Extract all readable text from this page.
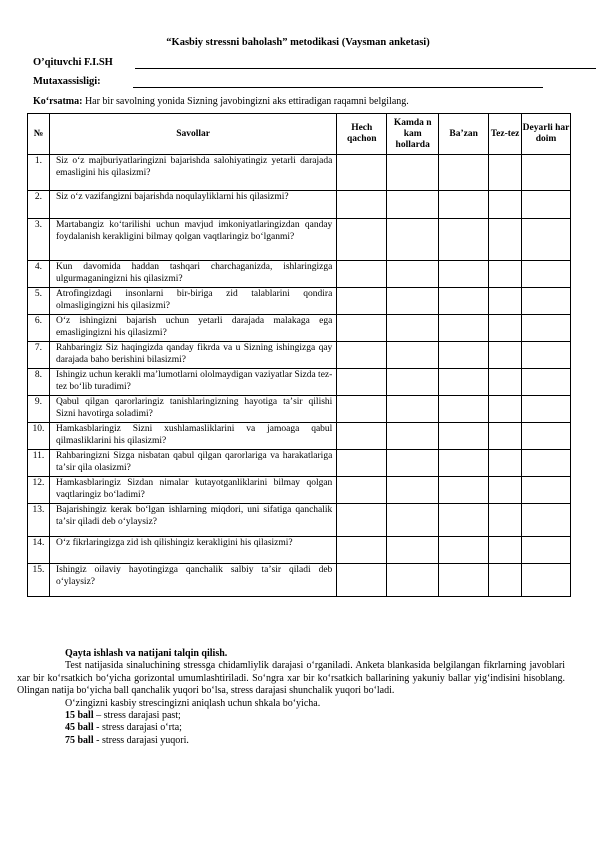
“Kasbiy stressni baholash” metodikasi (Vaysman anketasi)
O’qituvchi F.I.SH
Mutaxassisligi:
Koʻrsatma: Har bir savolning yonida Sizning javobingizni aks ettiradigan raqamni belgilang.
№	Savollar	Hech qachon	Kamda n kam hollarda	Ba’zan	Tez-tez	Deyarli har doim
1.	Siz oʻz majburiyatlaringizni bajarishda salohiyatingiz yetarli darajada emasligini his qilasizmi?					

2.	Siz oʻz vazifangizni bajarishda noqulayliklarni his qilasizmi?					

3.	Martabangiz koʻtarilishi uchun mavjud imkoniyatlaringizdan qanday foydalanish kerakligini bilmay qolgan vaqtlaringiz boʻlganmi?					

4.	Kun davomida haddan tashqari charchaganizda, ishlaringizga ulgurmaganingizni his qilasizmi?					

5.	Atrofingizdagi insonlarni bir-biriga zid talablarini qondira olmasligingizni his qilasizmi?					

6.	Oʻz ishingizni bajarish uchun yetarli darajada malakaga ega emasligingizni his qilasizmi?					

7.	Rahbaringiz Siz haqingizda qanday fikrda va u Sizning ishingizga qay darajada baho berishini bilasizmi?					

8.	Ishingiz uchun kerakli maʼlumotlarni ololmaydigan vaziyatlar Sizda tez-tez boʻlib turadimi?					

9.	Qabul qilgan qarorlaringiz tanishlaringizning hayotiga taʼsir qilishi Sizni havotirga soladimi?					

10.	Hamkasblaringiz Sizni xushlamasliklarini va jamoaga qabul qilmasliklarini his qilasizmi?					

11.	Rahbaringizni Sizga nisbatan qabul qilgan qarorlariga va harakatlariga taʼsir qila olasizmi?					

12.	Hamkasblaringiz Sizdan nimalar kutayotganliklarini bilmay qolgan vaqtlaringiz boʻladimi?					

13.	Bajarishingiz kerak boʻlgan ishlarning miqdori, uni sifatiga qanchalik taʼsir qiladi deb oʻylaysiz?					

14.	Oʻz fikrlaringizga zid ish qilishingiz kerakligini his qilasizmi?					

15.	Ishingiz oilaviy hayotingizga qanchalik salbiy taʼsir qiladi deb oʻylaysiz?					

Qayta ishlash va natijani talqin qilish.

Test natijasida sinaluchining stressga chidamliylik darajasi oʻrganiladi. Anketa blankasida belgilangan fikrlarning javoblari xar bir koʻrsatkich boʻyicha gorizontal umumlashtiriladi. Soʻngra xar bir koʻrsatkich ballarining yakuniy ballar yigʻindisini hisoblang. Olingan natija boʻyicha ball qanchalik yuqori boʻlsa, stress darajasi shunchalik yuqori boʻladi.

Oʻzingizni kasbiy strescingizni aniqlash uchun shkala boʻyicha.

15 ball – stress darajasi past;

45 ball - stress darajasi oʻrta;

75 ball - stress darajasi yuqori.
